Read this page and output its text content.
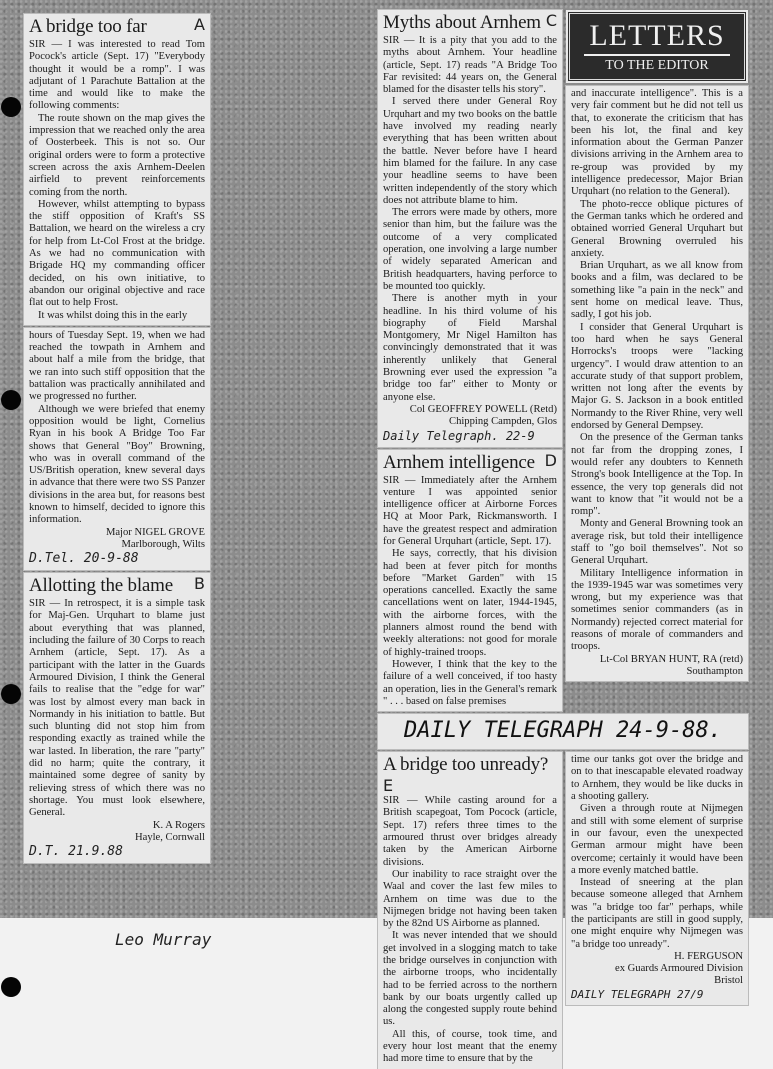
A bridge too far	A

SIR — I was interested to read Tom Pocock's article (Sept. 17) "Everybody thought it would be a romp". I was adjutant of 1 Parachute Battalion at the time and would like to make the following comments:

The route shown on the map gives the impression that we reached only the area of Oosterbeek. This is not so. Our original orders were to form a protective screen across the axis Arnhem-Deelen airfield to prevent reinforcements coming from the north.

However, whilst attempting to bypass the stiff opposition of Kraft's SS Battalion, we heard on the wireless a cry for help from Lt-Col Frost at the bridge. As we had no communication with Brigade HQ my commanding officer decided, on his own initiative, to abandon our original objective and race flat out to help Frost.

It was whilst doing this in the early

hours of Tuesday Sept. 19, when we had reached the towpath in Arnhem and about half a mile from the bridge, that we ran into such stiff opposition that the battalion was practically annihilated and we progressed no further.

Although we were briefed that enemy opposition would be light, Cornelius Ryan in his book A Bridge Too Far shows that General "Boy" Browning, who was in overall command of the US/British operation, knew several days in advance that there were two SS Panzer divisions in the area but, for reasons best known to himself, decided to ignore this information.

Major NIGEL GROVE
Marlborough, Wilts
D.Tel. 20-9-88
Allotting the blame B

SIR — In retrospect, it is a simple task for Maj-Gen. Urquhart to blame just about everything that was planned, including the failure of 30 Corps to reach Arnhem (article, Sept. 17). As a participant with the latter in the Guards Armoured Division, I think the General fails to realise that the "edge for war" was lost by almost every man back in Normandy in his initiation to battle. But such blunting did not stop him from responding exactly as trained while the war lasted. In liberation, the rare "party" did no harm; quite the contrary, it maintained some degree of sanity by relieving stress of which there was no shortage. You must look elsewhere, General.

K. A Rogers
Hayle, Cornwall
D.T. 21.9.88
Myths about Arnhem C

SIR — It is a pity that you add to the myths about Arnhem. Your headline (article, Sept. 17) reads "A Bridge Too Far revisited: 44 years on, the General blamed for the disaster tells his story".

I served there under General Roy Urquhart and my two books on the battle have involved my reading nearly everything that has been written about the battle. Never before have I heard him blamed for the failure. In any case your headline seems to have been written independently of the story which does not attribute blame to him.

The errors were made by others, more senior than him, but the failure was the outcome of a very complicated operation, one involving a large number of widely separated American and British headquarters, having perforce to be mounted too quickly.

There is another myth in your headline. In his third volume of his biography of Field Marshal Montgomery, Mr Nigel Hamilton has convincingly demonstrated that it was inherently unlikely that General Browning ever used the expression "a bridge too far" either to Monty or anyone else.

Col GEOFFREY POWELL (Retd)
Chipping Campden, Glos
Daily Telegraph. 22-9
Arnhem intelligence D

SIR — Immediately after the Arnhem venture I was appointed senior intelligence officer at Airborne Forces HQ at Moor Park, Rickmansworth. I have the greatest respect and admiration for General Urquhart (article, Sept. 17).

He says, correctly, that his division had been at fever pitch for months before "Market Garden" with 15 operations cancelled. Exactly the same cancellations went on later, 1944-1945, with the airborne forces, with the planners almost round the bend with weekly alterations: not good for morale of highly-trained troops.

However, I think that the key to the failure of a well conceived, if too hasty an operation, lies in the General's remark " . . . based on false premises

LETTERS
TO THE EDITOR

and inaccurate intelligence". This is a very fair comment but he did not tell us that, to exonerate the criticism that has been his lot, the final and key information about the German Panzer divisions arriving in the Arnhem area to re-group was provided by my intelligence predecessor, Major Brian Urquhart (no relation to the General).

The photo-recce oblique pictures of the German tanks which he ordered and obtained worried General Urquhart but General Browning overruled his anxiety.

Brian Urquhart, as we all know from books and a film, was declared to be something like "a pain in the neck" and sent home on medical leave. Thus, sadly, I got his job.

I consider that General Urquhart is too hard when he says General Horrocks's troops were "lacking urgency". I would draw attention to an accurate study of that support problem, written not long after the events by Major G. S. Jackson in a book entitled Normandy to the River Rhine, very well endorsed by General Dempsey.

On the presence of the German tanks not far from the dropping zones, I would refer any doubters to Kenneth Strong's book Intelligence at the Top. In essence, the very top generals did not want to know that "it would not be a romp".

Monty and General Browning took an average risk, but told their intelligence staff to "go boil themselves". Not so General Urquhart.

Military Intelligence information in the 1939-1945 war was sometimes very wrong, but my experience was that sometimes senior commanders (as in Normandy) rejected correct material for reasons of morale of commanders and troops.

Lt-Col BRYAN HUNT, RA (retd)
Southampton
DAILY TELEGRAPH 24-9-88.
A bridge too unready?
E

SIR — While casting around for a British scapegoat, Tom Pocock (article, Sept. 17) refers three times to the armoured thrust over bridges already taken by the American Airborne divisions.

Our inability to race straight over the Waal and cover the last few miles to Arnhem on time was due to the Nijmegen bridge not having been taken by the 82nd US Airborne as planned.

It was never intended that we should get involved in a slogging match to take the bridge ourselves in conjunction with the airborne troops, who incidentally had to be ferried across to the northern bank by our boats urgently called up along the congested supply route behind us.

All this, of course, took time, and every hour lost meant that the enemy had more time to ensure that by the

time our tanks got over the bridge and on to that inescapable elevated roadway to Arnhem, they would be like ducks in a shooting gallery.

Given a through route at Nijmegen and still with some element of surprise in our favour, even the unexpected German armour might have been overcome; certainly it would have been a more evenly matched battle.

Instead of sneering at the plan because someone alleged that Arnhem was "a bridge too far" perhaps, while the participants are still in good supply, one might enquire why Nijmegen was "a bridge too unready".

H. FERGUSON
ex Guards Armoured Division
Bristol
DAILY TELEGRAPH 27/9
Leo Murray
